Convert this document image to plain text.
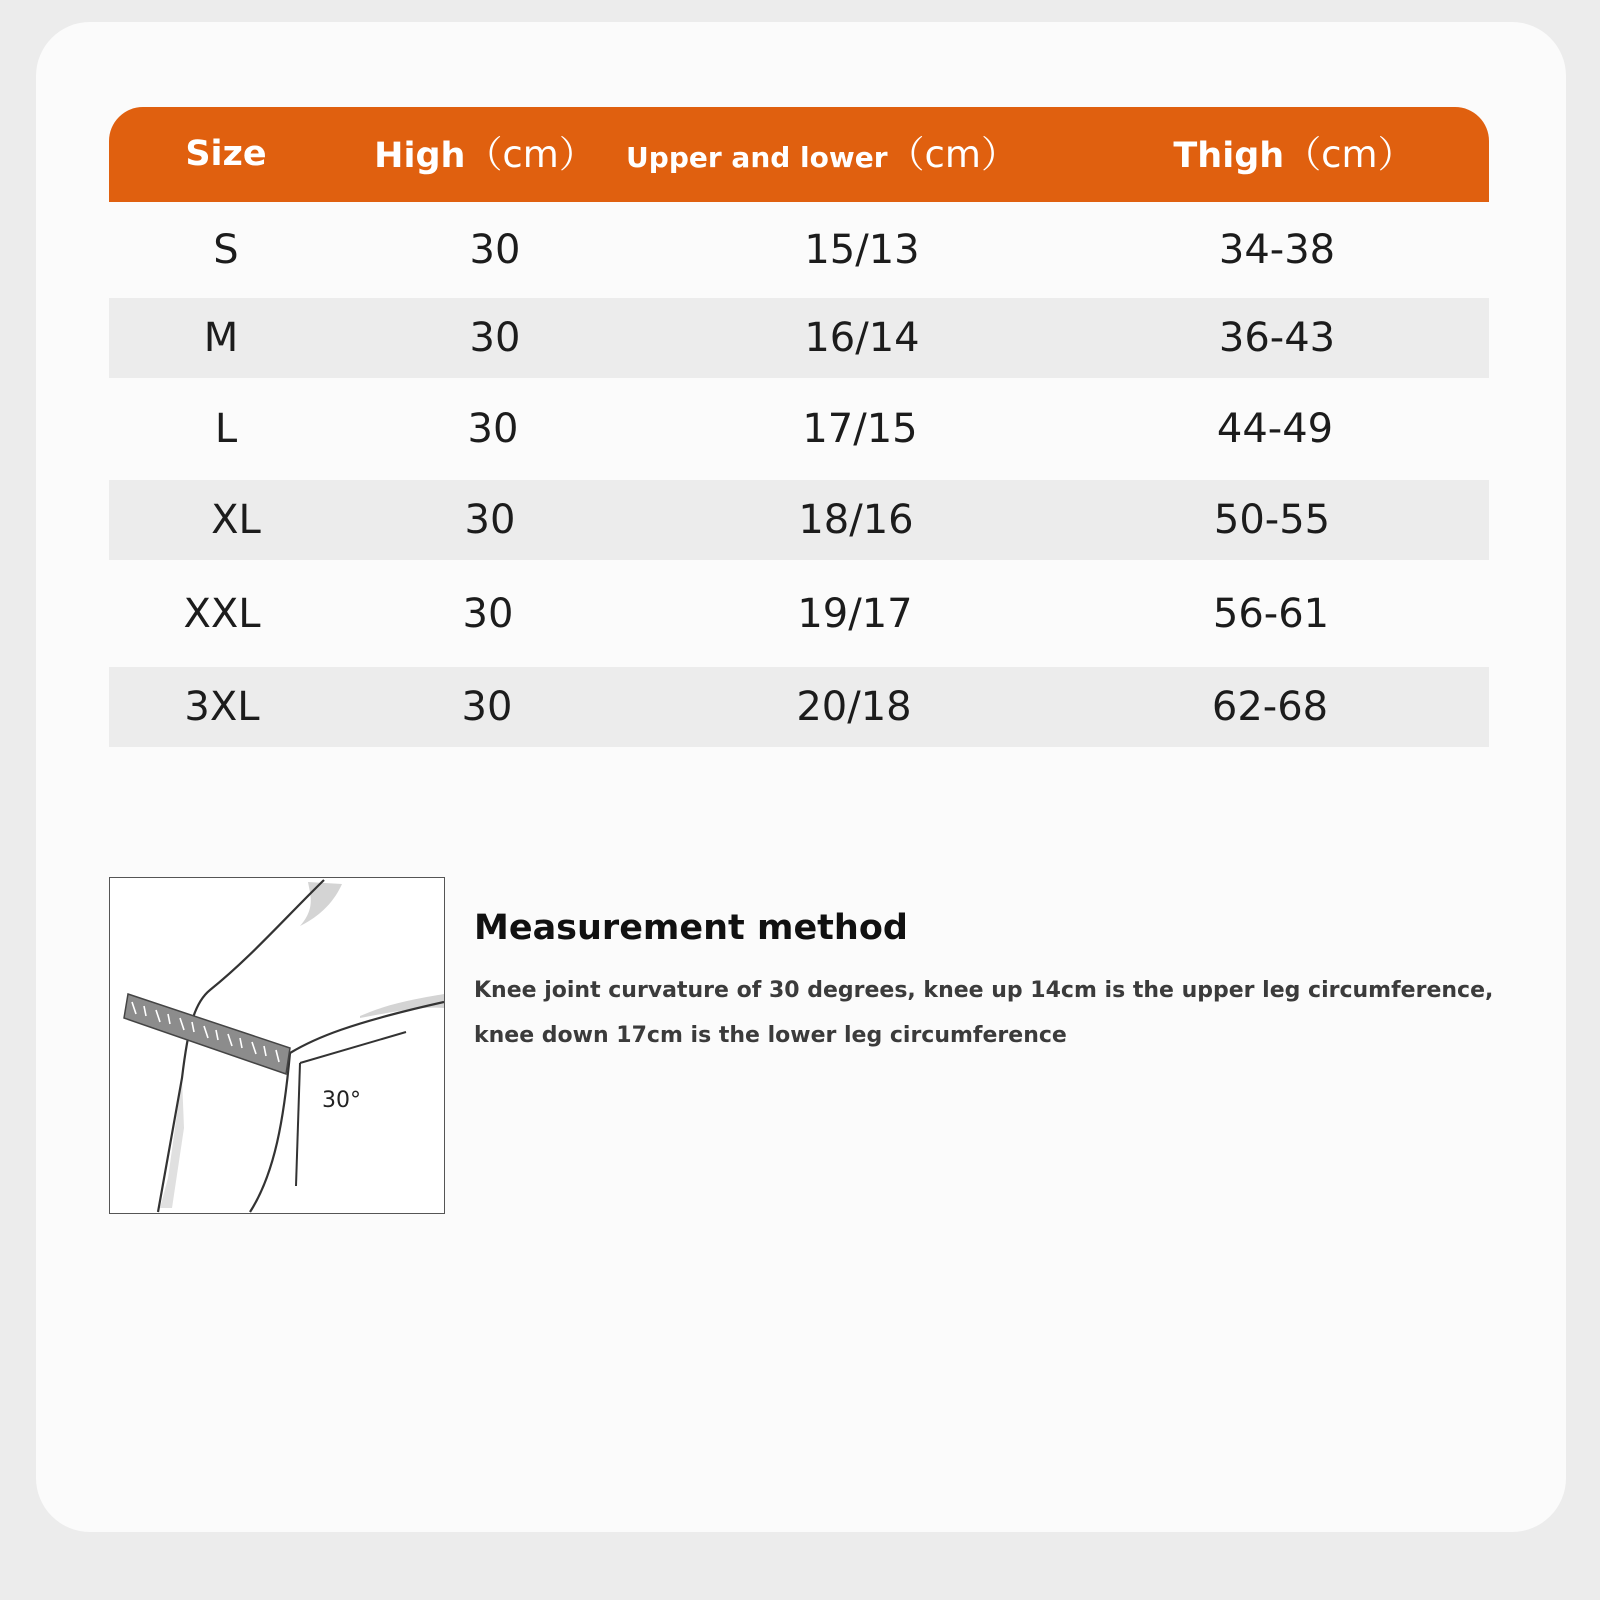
Size	High（cm） Upper and lower（cm）	Thigh（cm）
S	30	15/13	34-38
M	30	16/14	36-43
L	30	17/15	44-49
XL	30	18/16	50-55
XXL	30	19/17	56-61
3XL	30	20/18	62-68
30°
Measurement method
Knee joint curvature of 30 degrees, knee up 14cm is the upper leg circumference, knee down 17cm is the lower leg circumference
